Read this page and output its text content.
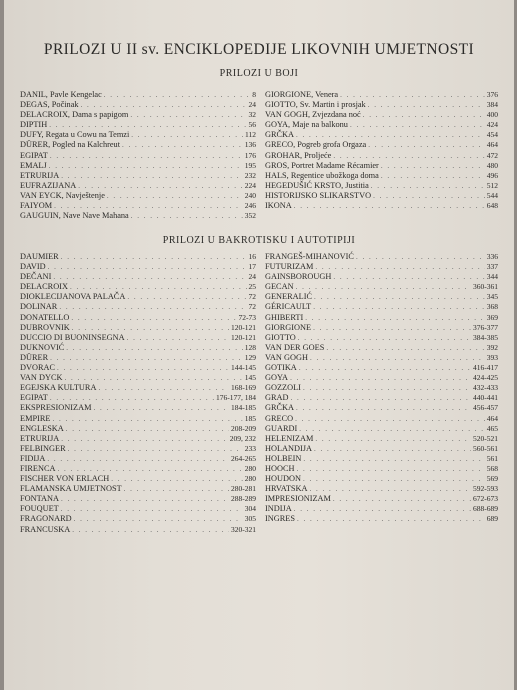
PRILOZI U II sv. ENCIKLOPEDIJE LIKOVNIH UMJETNOSTI
PRILOZI U BOJI
DANIL, Pavle Kengelac . . .	8
DEGAS, Počinak . . .	24
DELACROIX, Dama s papigom . . .	32
DIPTIH . . .	56
DUFY, Regata u Cowu na Temzi . . .	112
DÜRER, Pogled na Kalchreut . . .	136
EGIPAT . . .	176
EMALJ . . .	195
ETRURIJA . . .	232
EUFRAZIJANA . . .	224
VAN EYCK, Navještenje . . .	240
FAIYOM . . .	246
GAUGUIN, Nave Nave Mahana . . .	352
GIORGIONE, Venera . . .	376
GIOTTO, Sv. Martin i prosjak . . .	384
VAN GOGH, Zvjezdana noć . . .	400
GOYA, Maje na balkonu . . .	424
GRČKA . . .	454
GRECO, Pogreb grofa Orgaza . . .	464
GROHAR, Proljeće . . .	472
GROS, Portret Madame Récamier . . .	480
HALS, Regentice ubožkoga doma . . .	496
HEGEDUŠIĆ KRSTO, Justitia . . .	512
HISTORIJSKO SLIKARSTVO . . .	544
IKONA . . .	648
PRILOZI U BAKROTISKU I AUTOTIPIJI
DAUMIER . . .	16
DAVID . . .	17
DEČANI . . .	24
DELACROIX . . .	25
DIOKLECIJANOVA PALAČA . . .	72
DOLINAR . . .	72
DONATELLO . . .	72-73
DUBROVNIK . . .	120-121
DUCCIO DI BUONINSEGNA . . .	120-121
DUKNOVIĆ . . .	128
DÜRER . . .	129
DVORAC . . .	144-145
VAN DYCK . . .	145
EGEJSKA KULTURA . . .	168-169
EGIPAT . . .	176-177, 184
EKSPRESIONIZAM . . .	184-185
EMPIRE . . .	185
ENGLESKA . . .	208-209
ETRURIJA . . .	209, 232
FELBINGER . . .	233
FIDIJA . . .	264-265
FIRENCA . . .	280
FISCHER VON ERLACH . . .	280
FLAMANSKA UMJETNOST . . .	280-281
FONTANA . . .	288-289
FOUQUET . . .	304
FRAGONARD . . .	305
FRANCUSKA . . .	320-321
FRANGEŠ-MIHANOVIĆ . . .	336
FUTURIZAM . . .	337
GAINSBOROUGH . . .	344
GECAN . . .	360-361
GENERALIĆ . . .	345
GÉRICAULT . . .	368
GHIBERTI . . .	369
GIORGIONE . . .	376-377
GIOTTO . . .	384-385
VAN DER GOES . . .	392
VAN GOGH . . .	393
GOTIKA . . .	416-417
GOYA . . .	424-425
GOZZOLI . . .	432-433
GRAD . . .	440-441
GRČKA . . .	456-457
GRECO . . .	464
GUARDI . . .	465
HELENIZAM . . .	520-521
HOLANDIJA . . .	560-561
HOLBEIN . . .	561
HOOCH . . .	568
HOUDON . . .	569
HRVATSKA . . .	592-593
IMPRESIONIZAM . . .	672-673
INDIJA . . .	688-689
INGRES . . .	689
